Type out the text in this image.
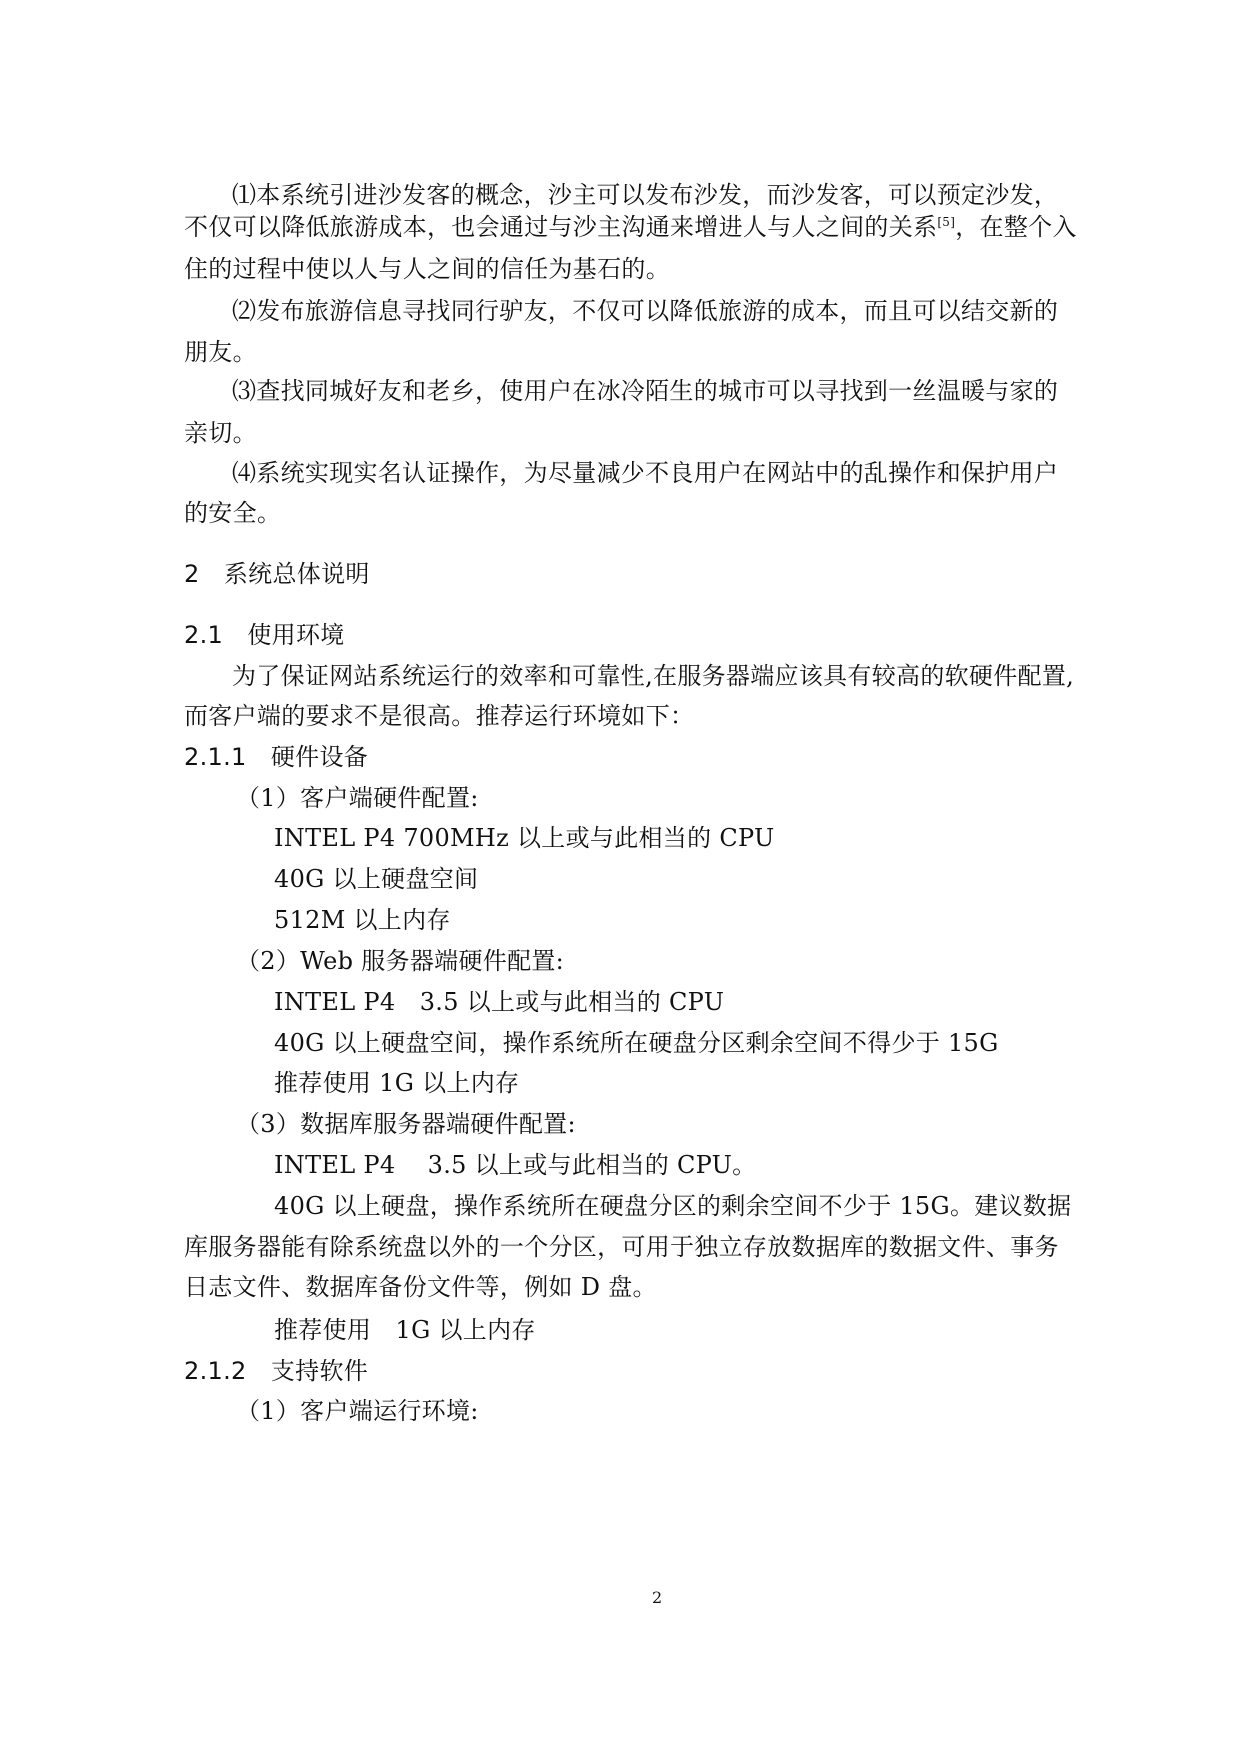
⑴本系统引进沙发客的概念，沙主可以发布沙发，而沙发客，可以预定沙发，
不仅可以降低旅游成本，也会通过与沙主沟通来增进人与人之间的关系[5]，在整个入
住的过程中使以人与人之间的信任为基石的。
⑵发布旅游信息寻找同行驴友，不仅可以降低旅游的成本，而且可以结交新的
朋友。
⑶查找同城好友和老乡，使用户在冰冷陌生的城市可以寻找到一丝温暖与家的
亲切。
⑷系统实现实名认证操作，为尽量减少不良用户在网站中的乱操作和保护用户
的安全。
2　系统总体说明
2.1　使用环境
为了保证网站系统运行的效率和可靠性,在服务器端应该具有较高的软硬件配置,
而客户端的要求不是很高。推荐运行环境如下：
2.1.1　硬件设备
（1）客户端硬件配置:
INTEL P4 700MHz 以上或与此相当的 CPU
40G 以上硬盘空间
512M 以上内存
（2）Web 服务器端硬件配置:
INTEL P4　3.5 以上或与此相当的 CPU
40G 以上硬盘空间，操作系统所在硬盘分区剩余空间不得少于 15G
推荐使用 1G 以上内存
（3）数据库服务器端硬件配置:
INTEL P4　 3.5 以上或与此相当的 CPU。
40G 以上硬盘，操作系统所在硬盘分区的剩余空间不少于 15G。建议数据
库服务器能有除系统盘以外的一个分区，可用于独立存放数据库的数据文件、事务
日志文件、数据库备份文件等，例如 D 盘。
推荐使用　1G 以上内存
2.1.2　支持软件
（1）客户端运行环境:
2
